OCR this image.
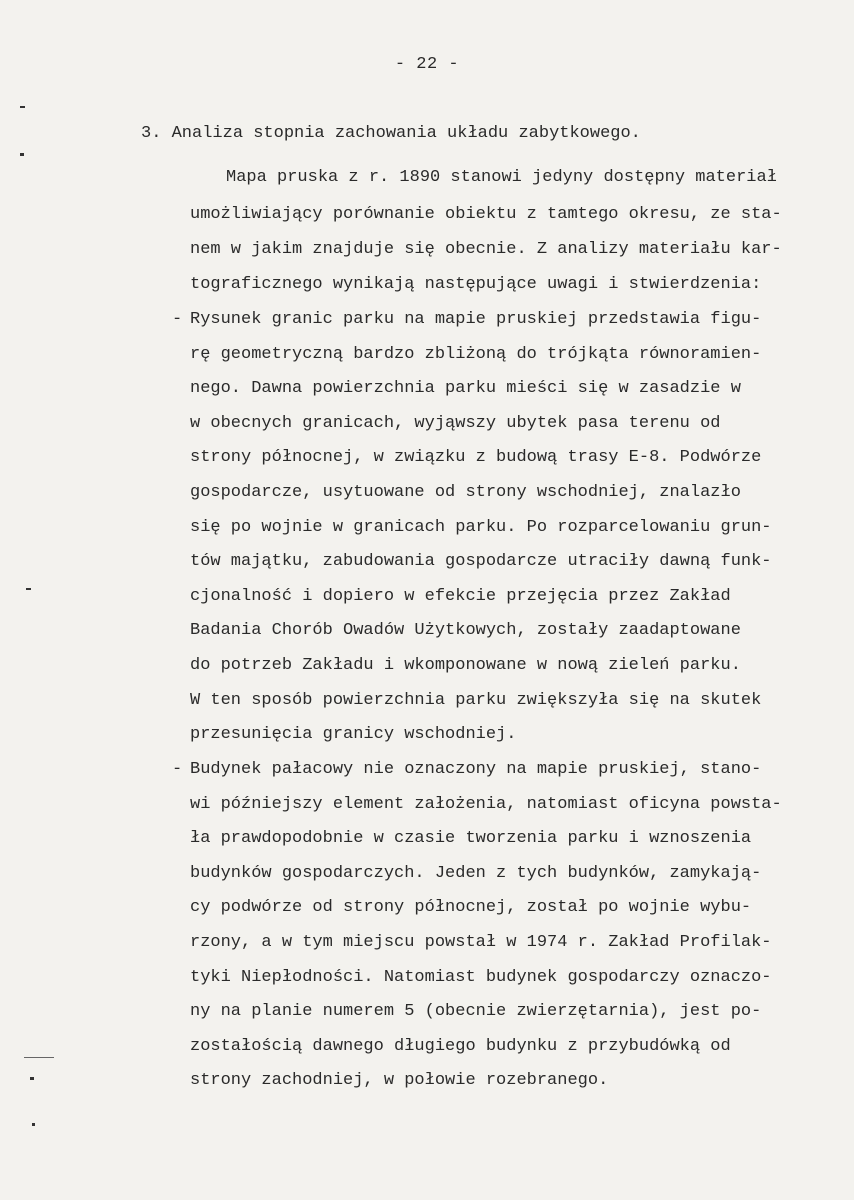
- 22 -
3. Analiza stopnia zachowania układu zabytkowego.
Mapa pruska z r. 1890 stanowi jedyny dostępny materiał
umożliwiający porównanie obiektu z tamtego okresu, ze sta-
nem w jakim znajduje się obecnie. Z analizy materiału kar-
tograficznego wynikają następujące uwagi i stwierdzenia:
- Rysunek granic parku na mapie pruskiej przedstawia figu-
rę geometryczną bardzo zbliżoną do trójkąta równoramien-
nego. Dawna powierzchnia parku mieści się w zasadzie w
w obecnych granicach, wyjąwszy ubytek pasa terenu od
strony północnej, w związku z budową trasy E-8. Podwórze
gospodarcze, usytuowane od strony wschodniej, znalazło
się po wojnie w granicach parku. Po rozparcelowaniu grun-
tów majątku, zabudowania gospodarcze utraciły dawną funk-
cjonalność i dopiero w efekcie przejęcia przez Zakład
Badania Chorób Owadów Użytkowych, zostały zaadaptowane
do potrzeb Zakładu i wkomponowane w nową zieleń parku.
W ten sposób powierzchnia parku zwiększyła się na skutek
przesunięcia granicy wschodniej.
- Budynek pałacowy nie oznaczony na mapie pruskiej, stano-
wi późniejszy element założenia, natomiast oficyna powsta-
ła prawdopodobnie w czasie tworzenia parku i wznoszenia
budynków gospodarczych. Jeden z tych budynków, zamykają-
cy podwórze od strony północnej, został po wojnie wybu-
rzony, a w tym miejscu powstał w 1974 r. Zakład Profilak-
tyki Niepłodności. Natomiast budynek gospodarczy oznaczo-
ny na planie numerem 5 (obecnie zwierzętarnia), jest po-
zostałością dawnego długiego budynku z przybudówką od
strony zachodniej, w połowie rozebranego.
